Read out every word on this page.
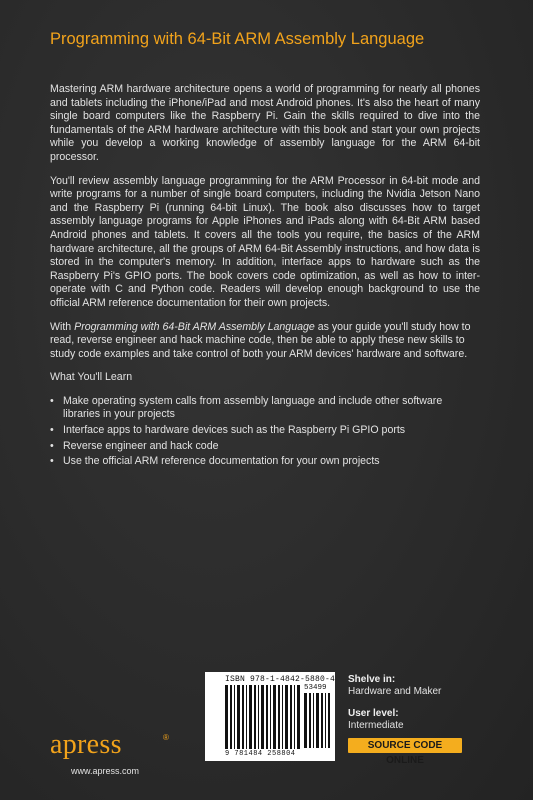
Programming with 64-Bit ARM Assembly Language

Mastering ARM hardware architecture opens a world of programming for nearly all phones and tablets including the iPhone/iPad and most Android phones. It's also the heart of many single board computers like the Raspberry Pi. Gain the skills required to dive into the fundamentals of the ARM hardware architecture with this book and start your own projects while you develop a working knowledge of assembly language for the ARM 64-bit processor.

You'll review assembly language programming for the ARM Processor in 64-bit mode and write programs for a number of single board computers, including the Nvidia Jetson Nano and the Raspberry Pi (running 64-bit Linux). The book also discusses how to target assembly language programs for Apple iPhones and iPads along with 64-Bit ARM based Android phones and tablets. It covers all the tools you require, the basics of the ARM hardware architecture, all the groups of ARM 64-Bit Assembly instructions, and how data is stored in the computer's memory. In addition, interface apps to hardware such as the Raspberry Pi's GPIO ports. The book covers code optimization, as well as how to inter-operate with C and Python code. Readers will develop enough background to use the official ARM reference documentation for their own projects.

With Programming with 64-Bit ARM Assembly Language as your guide you'll study how to read, reverse engineer and hack machine code, then be able to apply these new skills to study code examples and take control of both your ARM devices' hardware and software.

What You'll Learn

• Make operating system calls from assembly language and include other software libraries in your projects
• Interface apps to hardware devices such as the Raspberry Pi GPIO ports
• Reverse engineer and hack code
• Use the official ARM reference documentation for your own projects
ISBN 978-1-4842-5880-4
53499
9 781484 258804
Shelve in:
Hardware and Maker
User level:
Intermediate
SOURCE CODE ONLINE
apress	®
www.apress.com
